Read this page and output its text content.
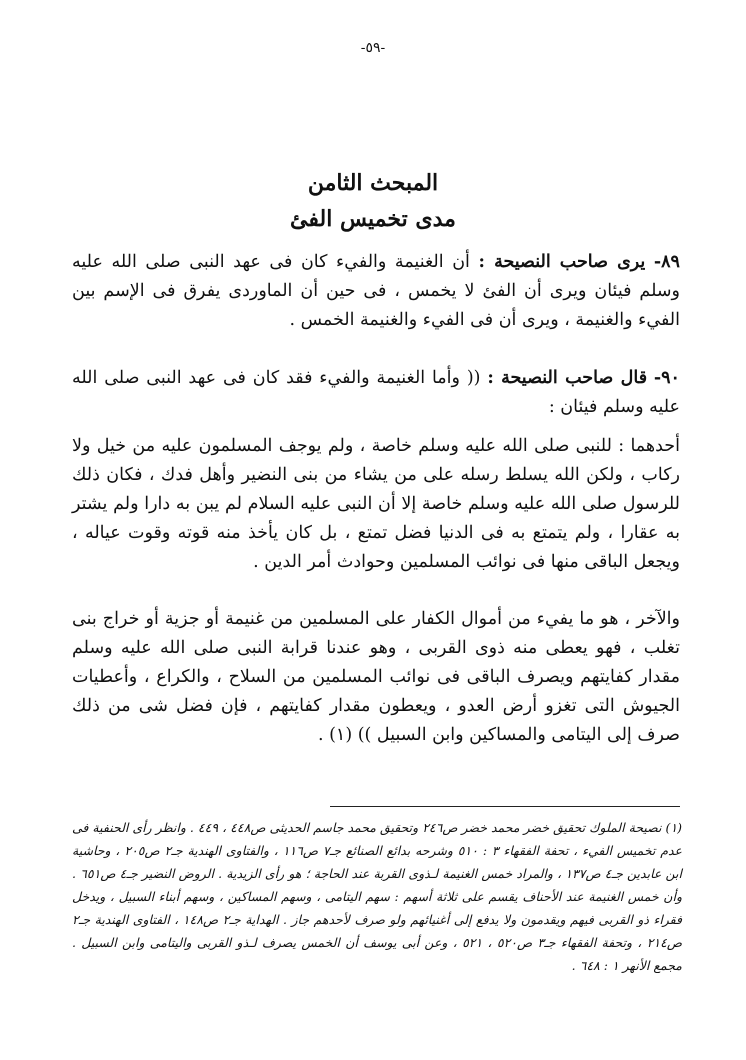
-٥٩-
المبحث الثامن
مدى تخميس الفئ

٨٩- يرى صاحب النصيحة : أن الغنيمة والفيء كان فى عهد النبى صلى الله عليه وسلم فيئان ويرى أن الفئ لا يخمس ، فى حين أن الماوردى يفرق فى الإسم بين الفيء والغنيمة ، ويرى أن فى الفيء والغنيمة الخمس .

٩٠- قال صاحب النصيحة : (( وأما الغنيمة والفيء فقد كان فى عهد النبى صلى الله عليه وسلم فيئان :

أحدهما : للنبى صلى الله عليه وسلم خاصة ، ولم يوجف المسلمون عليه من خيل ولا ركاب ، ولكن الله يسلط رسله على من يشاء من بنى النضير وأهل فدك ، فكان ذلك للرسول صلى الله عليه وسلم خاصة إلا أن النبى عليه السلام لم يبن به دارا ولم يشتر به عقارا ، ولم يتمتع به فى الدنيا فضل تمتع ، بل كان يأخذ منه قوته وقوت عياله ، ويجعل الباقى منها فى نوائب المسلمين وحوادث أمر الدين .

والآخر ، هو ما يفيء من أموال الكفار على المسلمين من غنيمة أو جزية أو خراج بنى تغلب ، فهو يعطى منه ذوى القربى ، وهو عندنا قرابة النبى صلى الله عليه وسلم مقدار كفايتهم ويصرف الباقى فى نوائب المسلمين من السلاح ، والكراع ، وأعطيات الجيوش التى تغزو أرض العدو ، ويعطون مقدار كفايتهم ، فإن فضل شى من ذلك صرف إلى اليتامى والمساكين وابن السبيل )) (١) .

(١) نصيحة الملوك تحقيق خضر محمد خضر ص٢٤٦ وتحقيق محمد جاسم الحديثى ص٤٤٨ ، ٤٤٩ . وانظر رأى الحنفية فى عدم تخميس الفيء ، تحفة الفقهاء ٣ : ٥١٠ وشرحه بدائع الصنائع جـ٧ ص١١٦ ، والفتاوى الهندية جـ٢ ص٢٠٥ ، وحاشية ابن عابدين جـ٤ ص١٣٧ ، والمراد خمس الغنيمة لـذوى القربة عند الحاجة ؛ هو رأى الزيدية . الروض النضير جـ٤ ص٦٥١ . وأن خمس الغنيمة عند الأحناف يقسم على ثلاثة أسهم : سهم اليتامى ، وسهم المساكين ، وسهم أبناء السبيل ، ويدخل فقراء ذو القربى فيهم ويقدمون ولا يدفع إلى أغنيائهم ولو صرف لأحدهم جاز . الهداية جـ٢ ص١٤٨ ، الفتاوى الهندية جـ٢ ص٢١٤ ، وتحفة الفقهاء جـ٣ ص٥٢٠ ، ٥٢١ ، وعن أبى يوسف أن الخمس يصرف لـذو القربى واليتامى وابن السبيل . مجمع الأنهر ١ : ٦٤٨ .
